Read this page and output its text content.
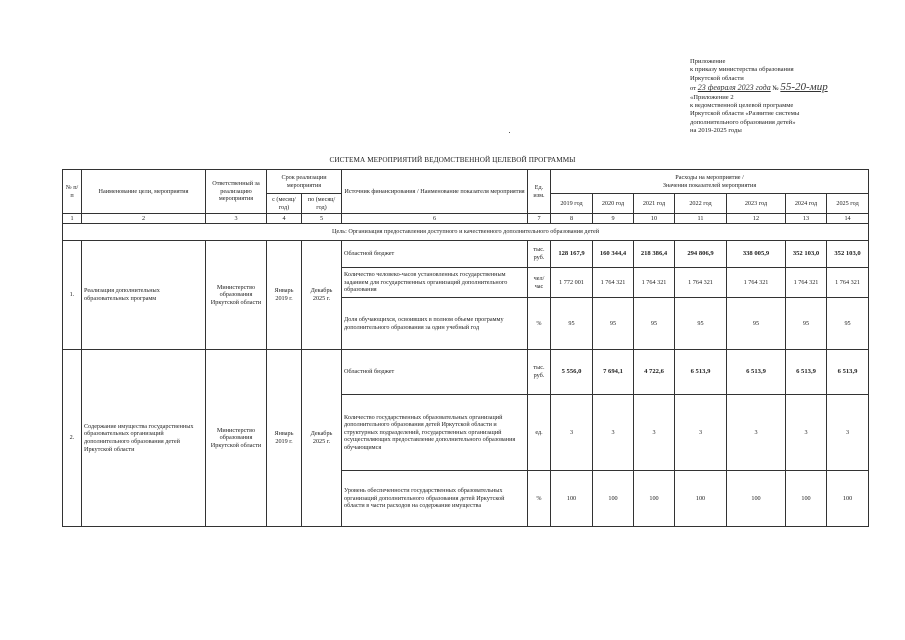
Приложение
к приказу министерства образования
Иркутской области
от 23 февраля 2023 года № 55-20-мир
«Приложение 2
к ведомственной целевой программе
Иркутской области «Развитие системы
дополнительного образования детей»
на 2019-2025 годы
СИСТЕМА МЕРОПРИЯТИЙ ВЕДОМСТВЕННОЙ ЦЕЛЕВОЙ ПРОГРАММЫ
№ п/п	Наименование цели, мероприятия	Ответственный за реализацию мероприятия	Срок реализации мероприятия		Источник финансирования / Наименование показателя мероприятия	Ед. изм.	Расходы на мероприятие /
Значения показателей мероприятия						

			с (месяц/ год)	по (месяц/ год)			2019 год	2020 год	2021 год	2022 год	2023 год	2024 год	2025 год
1	2	3	4	5	6	7	8	9	10	11	12	13	14
Цель: Организация предоставления доступного и качественного дополнительного образования детей													
1.	Реализация дополнительных образовательных программ	Министерство образования Иркутской области	Январь 2019 г.	Декабрь 2025 г.	Областной бюджет	тыс. руб.	128 167,9	160 344,4	218 386,4	294 806,9	338 005,9	352 103,0	352 103,0
					Количество человеко-часов установленных государственным заданием для государственных организаций дополнительного образования	чел/час	1 772 001	1 764 321	1 764 321	1 764 321	1 764 321	1 764 321	1 764 321
					Доля обучающихся, освоивших в полном объеме программу дополнительного образования за один учебный год	%	95	95	95	95	95	95	95
2.	Содержание имущества государственных образовательных организаций дополнительного образования детей Иркутской области	Министерство образования Иркутской области	Январь 2019 г.	Декабрь 2025 г.	Областной бюджет	тыс. руб.	5 556,0	7 694,1	4 722,6	6 513,9	6 513,9	6 513,9	6 513,9
					Количество государственных образовательных организаций дополнительного образования детей Иркутской области и структурных подразделений, государственных организаций осуществляющих предоставление дополнительного образования обучающимся	ед.	3	3	3	3	3	3	3
					Уровень обеспеченности государственных образовательных организаций дополнительного образования детей Иркутской области в части расходов на содержание имущества	%	100	100	100	100	100	100	100
